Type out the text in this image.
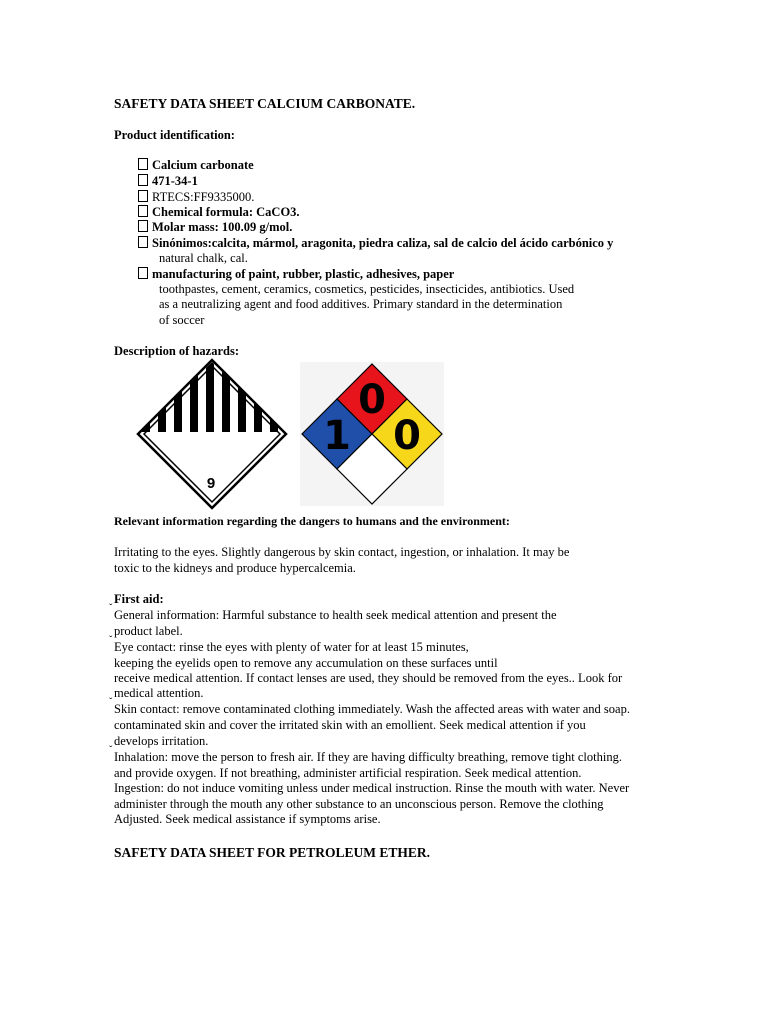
SAFETY DATA SHEET CALCIUM CARBONATE.
Product identification:
Calcium carbonate
471-34-1
RTECS:FF9335000.
Chemical formula: CaCO3.
Molar mass: 100.09 g/mol.
Sinónimos:calcita, mármol, aragonita, piedra caliza, sal de calcio del ácido carbónico y
natural chalk, cal.
manufacturing of paint, rubber, plastic, adhesives, paper
toothpastes, cement, ceramics, cosmetics, pesticides, insecticides, antibiotics. Used
as a neutralizing agent and food additives. Primary standard in the determination
of soccer
Description of hazards:
9
0
1 0
Relevant information regarding the dangers to humans and the environment:
Irritating to the eyes. Slightly dangerous by skin contact, ingestion, or inhalation. It may be
toxic to the kidneys and produce hypercalcemia.
First aid:
ˇ General information: Harmful substance to health seek medical attention and present the
product label.
ˇ Eye contact: rinse the eyes with plenty of water for at least 15 minutes,
keeping the eyelids open to remove any accumulation on these surfaces until
receive medical attention. If contact lenses are used, they should be removed from the eyes.. Look for
medical attention.
ˇ Skin contact: remove contaminated clothing immediately. Wash the affected areas with water and soap.
contaminated skin and cover the irritated skin with an emollient. Seek medical attention if you
develops irritation.
ˇ Inhalation: move the person to fresh air. If they are having difficulty breathing, remove tight clothing.
and provide oxygen. If not breathing, administer artificial respiration. Seek medical attention.
Ingestion: do not induce vomiting unless under medical instruction. Rinse the mouth with water. Never
administer through the mouth any other substance to an unconscious person. Remove the clothing
Adjusted. Seek medical assistance if symptoms arise.
SAFETY DATA SHEET FOR PETROLEUM ETHER.
